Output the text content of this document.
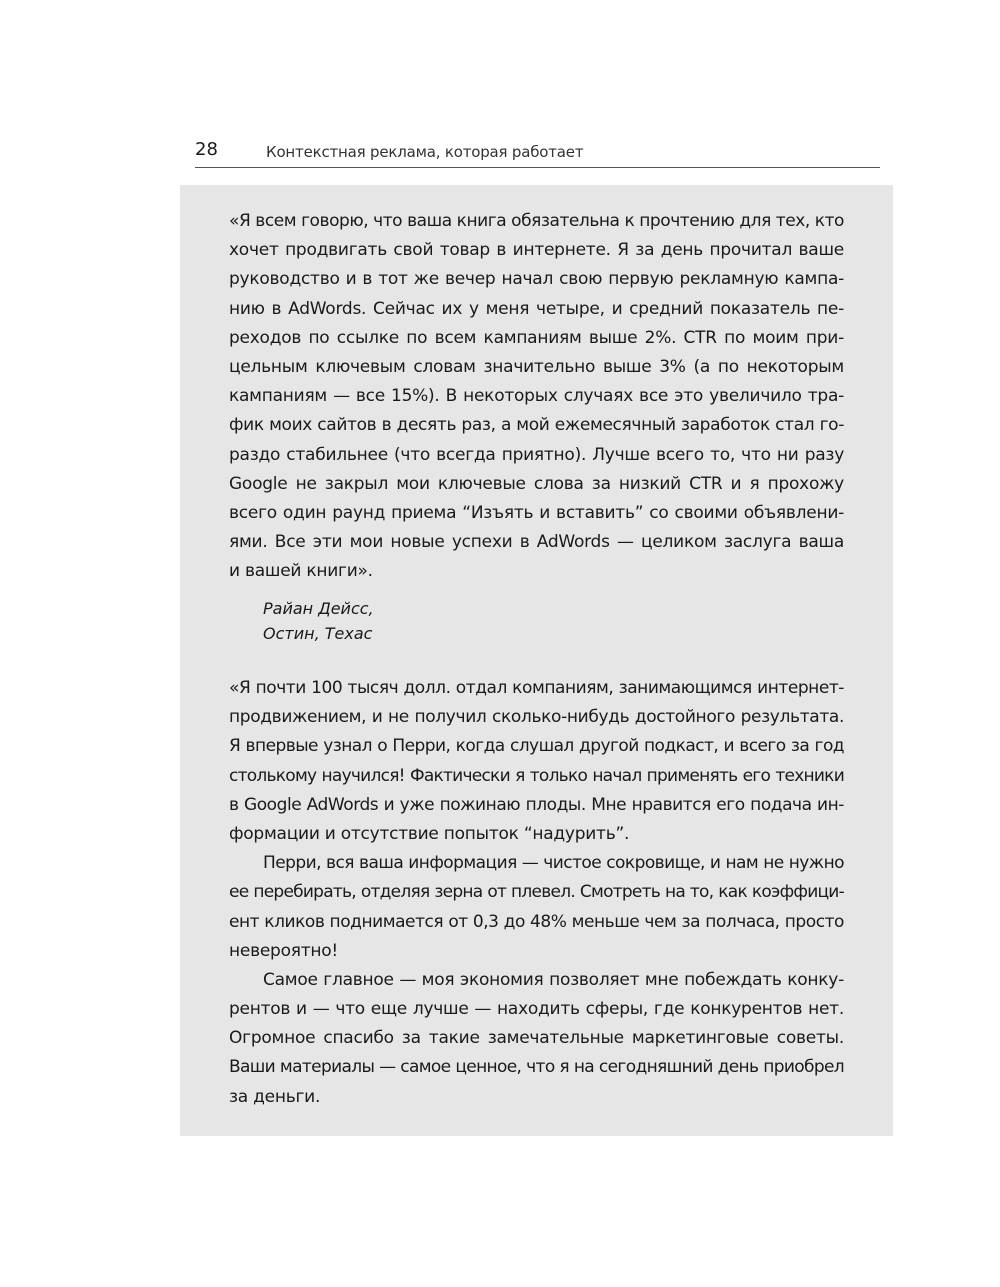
28	Контекстная реклама, которая работает
«Я всем говорю, что ваша книга обязательна к прочтению для тех, кто
хочет продвигать свой товар в интернете. Я за день прочитал ваше
руководство и в тот же вечер начал свою первую рекламную кампа-
нию в AdWords. Сейчас их у меня четыре, и средний показатель пе-
реходов по ссылке по всем кампаниям выше 2%. CTR по моим при-
цельным ключевым словам значительно выше 3% (а по некоторым
кампаниям — все 15%). В некоторых случаях все это увеличило тра-
фик моих сайтов в десять раз, а мой ежемесячный заработок стал го-
раздо стабильнее (что всегда приятно). Лучше всего то, что ни разу
Google не закрыл мои ключевые слова за низкий CTR и я прохожу
всего один раунд приема “Изъять и вставить” со своими объявлени-
ями. Все эти мои новые успехи в AdWords — целиком заслуга ваша
и вашей книги».
Райан Дейсс,
Остин, Техас
«Я почти 100 тысяч долл. отдал компаниям, занимающимся интернет-
продвижением, и не получил сколько-нибудь достойного результата.
Я впервые узнал о Перри, когда слушал другой подкаст, и всего за год
столькому научился! Фактически я только начал применять его техники
в Google AdWords и уже пожинаю плоды. Мне нравится его подача ин-
формации и отсутствие попыток “надурить”.
Перри, вся ваша информация — чистое сокровище, и нам не нужно
ее перебирать, отделяя зерна от плевел. Смотреть на то, как коэффици-
ент кликов поднимается от 0,3 до 48% меньше чем за полчаса, просто
невероятно!
Самое главное — моя экономия позволяет мне побеждать конку-
рентов и — что еще лучше — находить сферы, где конкурентов нет.
Огромное спасибо за такие замечательные маркетинговые советы.
Ваши материалы — самое ценное, что я на сегодняшний день приобрел
за деньги.
